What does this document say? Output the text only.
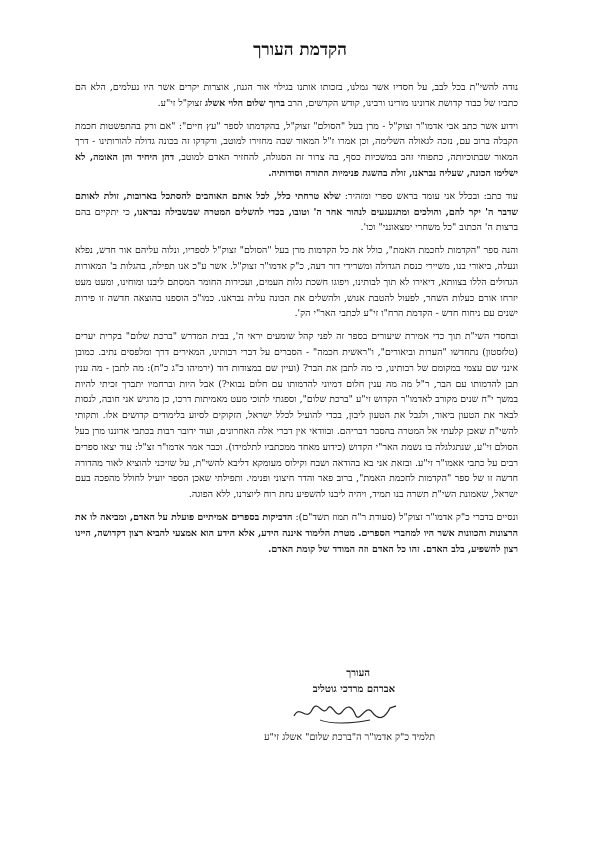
הקדמת העורך

נודה להשי"ת בכל לבב, על חסדיו אשר גמלנו, בזכותו אותנו בגילוי אור הגנוז, אוצרות יקרים אשר היו נעלמים, הלא הם כתביו של כבוד קדושת אדונינו מורינו ורבינו, קודש הקדשים, הרב ברוך שלום הלוי אשלג זצוק"ל זי"ע.

וידוע אשר כתב אבי אדמו"ר זצוק"ל - מרן בעל "הסולם" זצוק"ל, בהקדמתו לספר "עץ חיים": "אם ורק בהתפשטות חכמת הקבלה ברוב עם, נזכה לגאולה השלימה, וכן אמרו ז"ל המאור שבה מחזירו למוטב, ודקדקו זה בכונה גדולה להורותינו - דרך המאור שבתוכיותה, כתפוחי זהב במשכיות כסף, בה צרור זה הסגולה, להחזיר האדם למוטב, דהן היחיד והן האומה, לא ישלימו הכונה, שעליה נבראנו, זולת בהשגת פנימיות התורה וסודותיה.

עוד כתב: ובכלל אני עומד בראש ספרי ומזהיר: שלא טרחתי כלל, לכל אותם האוהבים להסתכל בארובות, זולת לאותם שדבר ה' יקר להם, והולכים ומתגעגעים לנהור אחר ה' וטובו, בכדי להשלים המטרה שבשבילה נבראנו, כי יתקיים בהם ברצות ה' הכתוב "כל משחרי ימצאונני" וכו'.

והנה ספר "הקדמות לחכמת האמת", כולל את כל הקדמות מרן בעל "הסולם" זצוק"ל לספריו, ונלוה עליהם אור חדש, נפלא ונעלה, ביאורי בנו, משיירי כנסת הגדולה ומשרידי דור דעה, כ"ק אדמו"ר זצוק"ל. אשר ע"כ אנו תפילה, בהגלות ב' המאורות הגדולים הללו בצוותא, דיאירו לא תוך לבותינו, ויפוגו חשכת גלות העמים, ועכירות החומר המסתם ליבנו ומוחינו, ומעט מעט יזרחו אורם כעלות השחר, לפעול להטבת אנוש, ולהשלים את הכונה עליה נבראנו. כמו"כ הוספנו בהוצאה חדשה זו פירות ישנים עם ניחוח חדש - הקדמת הרח"ו זי"ע לכתבי האר"י הק'.

ובחסדי השי"ת תוך כדי אמירת שיעורים בספר זה לפני קהל שומעים יראי ה', בבית המדרש "ברכת שלום" בקרית יערים (טלזסטון) נתחדשו "הערות וביאורים", ו"ראשית חכמה" - הסברים על דברי רבותינו, המאירים דרך ומלפסים נתיב. כמובן אינני שם עצמי במקומם של רבותינו, כי מה לתבן את הבר? (ועיין שם במצודות דוד (ירמיהו כ"ג כ"ח): מה לתבן - מה ענין תבן להדמותו עם הבר, ר"ל מה מה ענין חלום דמיוני להדמותו עם חלום נבואי?) אבל היות וברחמיו יתברך זכיתי להיות במשך י"ח שנים מקורב לאדמו"ר הקדוש זי"ע "ברכת שלום", וספגתי לתוכי מעט מאמיתות דרכו, כן מרגיש אני חובה, לנסות לבאר את הטעון ביאור, ולגבל את הטעון ליבון, בכדי להועיל לכלל ישראל, הזקוקים לסיוע בלימודים קדושים אלו. ותקותי להשי"ת שאכן קלעתי אל המטרה בהסבר דבריהם. ובוודאי אין דברי אלה האחרונים, ועוד ידובר רבות בכתבי אדוננו מרן בעל הסולם זי"ע, שנתגלגלה בו נשמת האר"י הקדוש (כידוע מאחד ממכתביו לתלמידו). וכבר אמר אדמו"ר זצ"ל: עוד יצאו ספרים רבים על כתבי אאמו"ר זי"ע. ובזאת אני בא בהודאה ושבח וקילוס מעומקא דליבא להשי"ת, על שזיכני להוציא לאור מהדורה חדשה זו של ספר "הקדמות לחכמת האמת", ברוב פאר והדר חיצוני ופנימי. ותפילתי שאכן הספר יועיל לחולל מהפכה בעם ישראל, שאמונת השי"ת תשרה בנו תמיד, ויהיה ליבנו להשפיע נחת רוח ליוצרנו, ללא הפוגה.

ונסיים בדברי כ"ק אדמו"ר זצוק"ל (סעודת ר"ח תמוז תשד"ם): הדביקות בספרים אמיתיים פועלת על האדם, ומביאה לו את הרצונות והכוונות אשר היו למחברי הספרים. מטרת הלימוד איננה הידע, אלא הידע הוא אמצעי להביא רצון דקדושה, היינו רצון להשפיע, בלב האדם. זהו כל האדם וזה המודד של קומת האדם.

העורך
אברהם מרדכי גוטליב
תלמיד כ"ק אדמו"ר ה"ברכת שלום" אשלג זי"ע
